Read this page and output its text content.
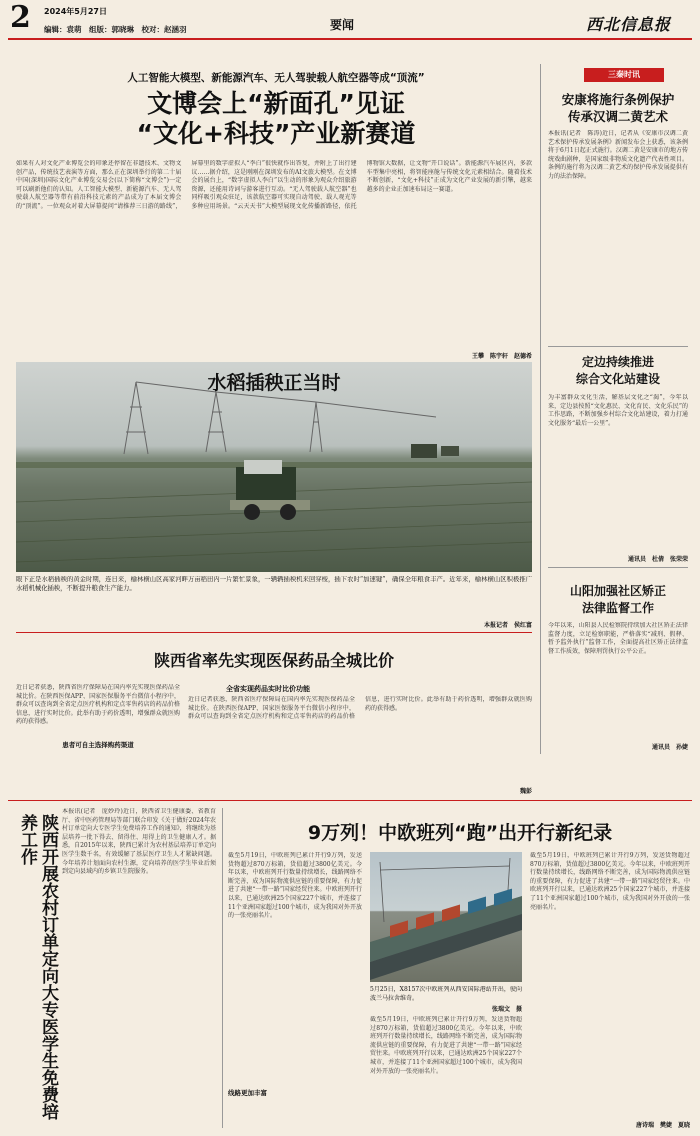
2 2024年5月27日
编辑：袁萌　组版：郭晓琳　校对：赵涵羽	要闻	西北信息报
人工智能大模型、新能源汽车、无人驾驶载人航空器等成“顶流”
文博会上“新面孔”见证
“文化+科技”产业新赛道
如果有人对文化产业博览会的印象还停留在非遗技术、文物文创产品，传统技艺表演等方面，那么正在深圳举行的第二十届中国(深圳)国际文化产业博览交易会(以下简称“文博会”)一定可以刷新他们的认知。人工智能大模型、新能源汽车、无人驾驶载人航空器等带有前沿科技元素的产品成为了本届文博会的“顶流”。一位观众对着大屏幕提问“请推荐三日游的路线”，屏幕里的数字虚拟人“李白”很快就作出答复，并附上了出行建议……据介绍，这是刚刚在深圳发布的AI文旅大模型。在文博会的展台上，“数字虚拟人李白”以生动的形象为观众介绍旅游资源，还能用诗词与游客进行互动。“无人驾驶载人航空器”也同样吸引观众驻足，该款航空器可实现自动驾驶、载人观光等多种应用场景。“云天天书”大模型展现文化传播新路径，依托博物馆大数据，让文物“开口说话”。新能源汽车展区内，多款车型集中亮相，将智能座舱与传统文化元素相结合。随着技术不断创新，“文化+科技”正成为文化产业发展的新引擎，越来越多的企业正加速布局这一赛道。
王攀　陈宇轩　赵德希
三秦时讯
安康将施行条例保护
传承汉调二黄艺术
本报讯(记者　陈涛)近日，记者从《安康市汉调二黄艺术保护传承发展条例》新闻发布会上获悉，该条例将于6月1日起正式施行。汉调二黄是安康市的地方传统戏曲剧种，是国家级非物质文化遗产代表性项目。条例的施行将为汉调二黄艺术的保护传承发展提供有力的法治保障。
定边持续推进
综合文化站建设
为丰富群众文化生活，解基层文化之“渴”，今年以来，定边县按照“文化惠民、文化育民、文化乐民”的工作思路，不断加强乡村综合文化站建设，着力打通文化服务“最后一公里”。
通讯员　杜倩　张荣荣
山阳加强社区矫正
法律监督工作
今年以来，山阳县人民检察院持续加大社区矫正法律监督力度，立足检察职能，严格落实“减刑、假释、暂予监外执行”监督工作，全面提高社区矫正法律监督工作质效，保障刑罚执行公平公正。
通讯员　孙婕
水稻插秧正当时
眼下正是水稻插秧的黄金时期，连日来，榆林横山区高家河畔万亩稻田内一片繁忙景象，一辆辆插秧机来回穿梭，插下农时“加速键”，确保全年粮食丰产。近年来，榆林横山区积极推广水稻机械化插秧，不断提升粮食生产能力。
本报记者　侯红富
陕西省率先实现医保药品全城比价
近日记者获悉，陕西省医疗保障局在国内率先实现医保药品全城比价。在陕西医保APP、国家医保服务平台微信小程序中，群众可以查询到全省定点医疗机构和定点零售药店的药品价格信息，进行实时比价。此举有助于药价透明，增强群众就医购药的获得感。
全省实现药品实时比价功能
近日记者获悉，陕西省医疗保障局在国内率先实现医保药品全城比价。在陕西医保APP、国家医保服务平台微信小程序中，群众可以查询到全省定点医疗机构和定点零售药店的药品价格信息，进行实时比价。此举有助于药价透明，增强群众就医购药的获得感。
患者可自主选择购药渠道
魏彭
陕西开展农村订单定向大专医学生免费培养工作
本报讯(记者　庞妙玲)近日，陕西省卫生健康委、省教育厅、省中医药管理局等部门联合印发《关于做好2024年农村订单定向大专医学生免费培养工作的通知》，将继续为基层培养一批下得去、留得住、用得上的卫生健康人才。据悉，自2015年以来，陕西已累计为农村基层培养订单定向医学生数千名，有效缓解了基层医疗卫生人才紧缺问题。今年培养计划面向农村生源，定向培养的医学生毕业后须到定向县域内的乡镇卫生院服务。
9万列！中欧班列“跑”出开行新纪录
截至5月19日，中欧班列已累计开行9万列，发送货物超过870万标箱，货值超过3800亿美元。今年以来，中欧班列开行数量持续增长，线路网络不断完善，成为国际物流供应链的重要保障，有力促进了共建“一带一路”国家经贸往来。中欧班列开行以来，已通达欧洲25个国家227个城市，并连接了11个亚洲国家超过100个城市，成为我国对外开放的一张亮丽名片。
5月25日，X8157次中欧班列从西安国际港站开出，驶向波兰马拉舍维奇。
张瑞文　摄
截至5月19日，中欧班列已累计开行9万列，发送货物超过870万标箱，货值超过3800亿美元。今年以来，中欧班列开行数量持续增长，线路网络不断完善，成为国际物流供应链的重要保障，有力促进了共建“一带一路”国家经贸往来。中欧班列开行以来，已通达欧洲25个国家227个城市，并连接了11个亚洲国家超过100个城市，成为我国对外开放的一张亮丽名片。
线路更加丰富
截至5月19日，中欧班列已累计开行9万列，发送货物超过870万标箱，货值超过3800亿美元。今年以来，中欧班列开行数量持续增长，线路网络不断完善，成为国际物流供应链的重要保障，有力促进了共建“一带一路”国家经贸往来。中欧班列开行以来，已通达欧洲25个国家227个城市，并连接了11个亚洲国家超过100个城市，成为我国对外开放的一张亮丽名片。
唐诗瑞　樊婕　夏晓
